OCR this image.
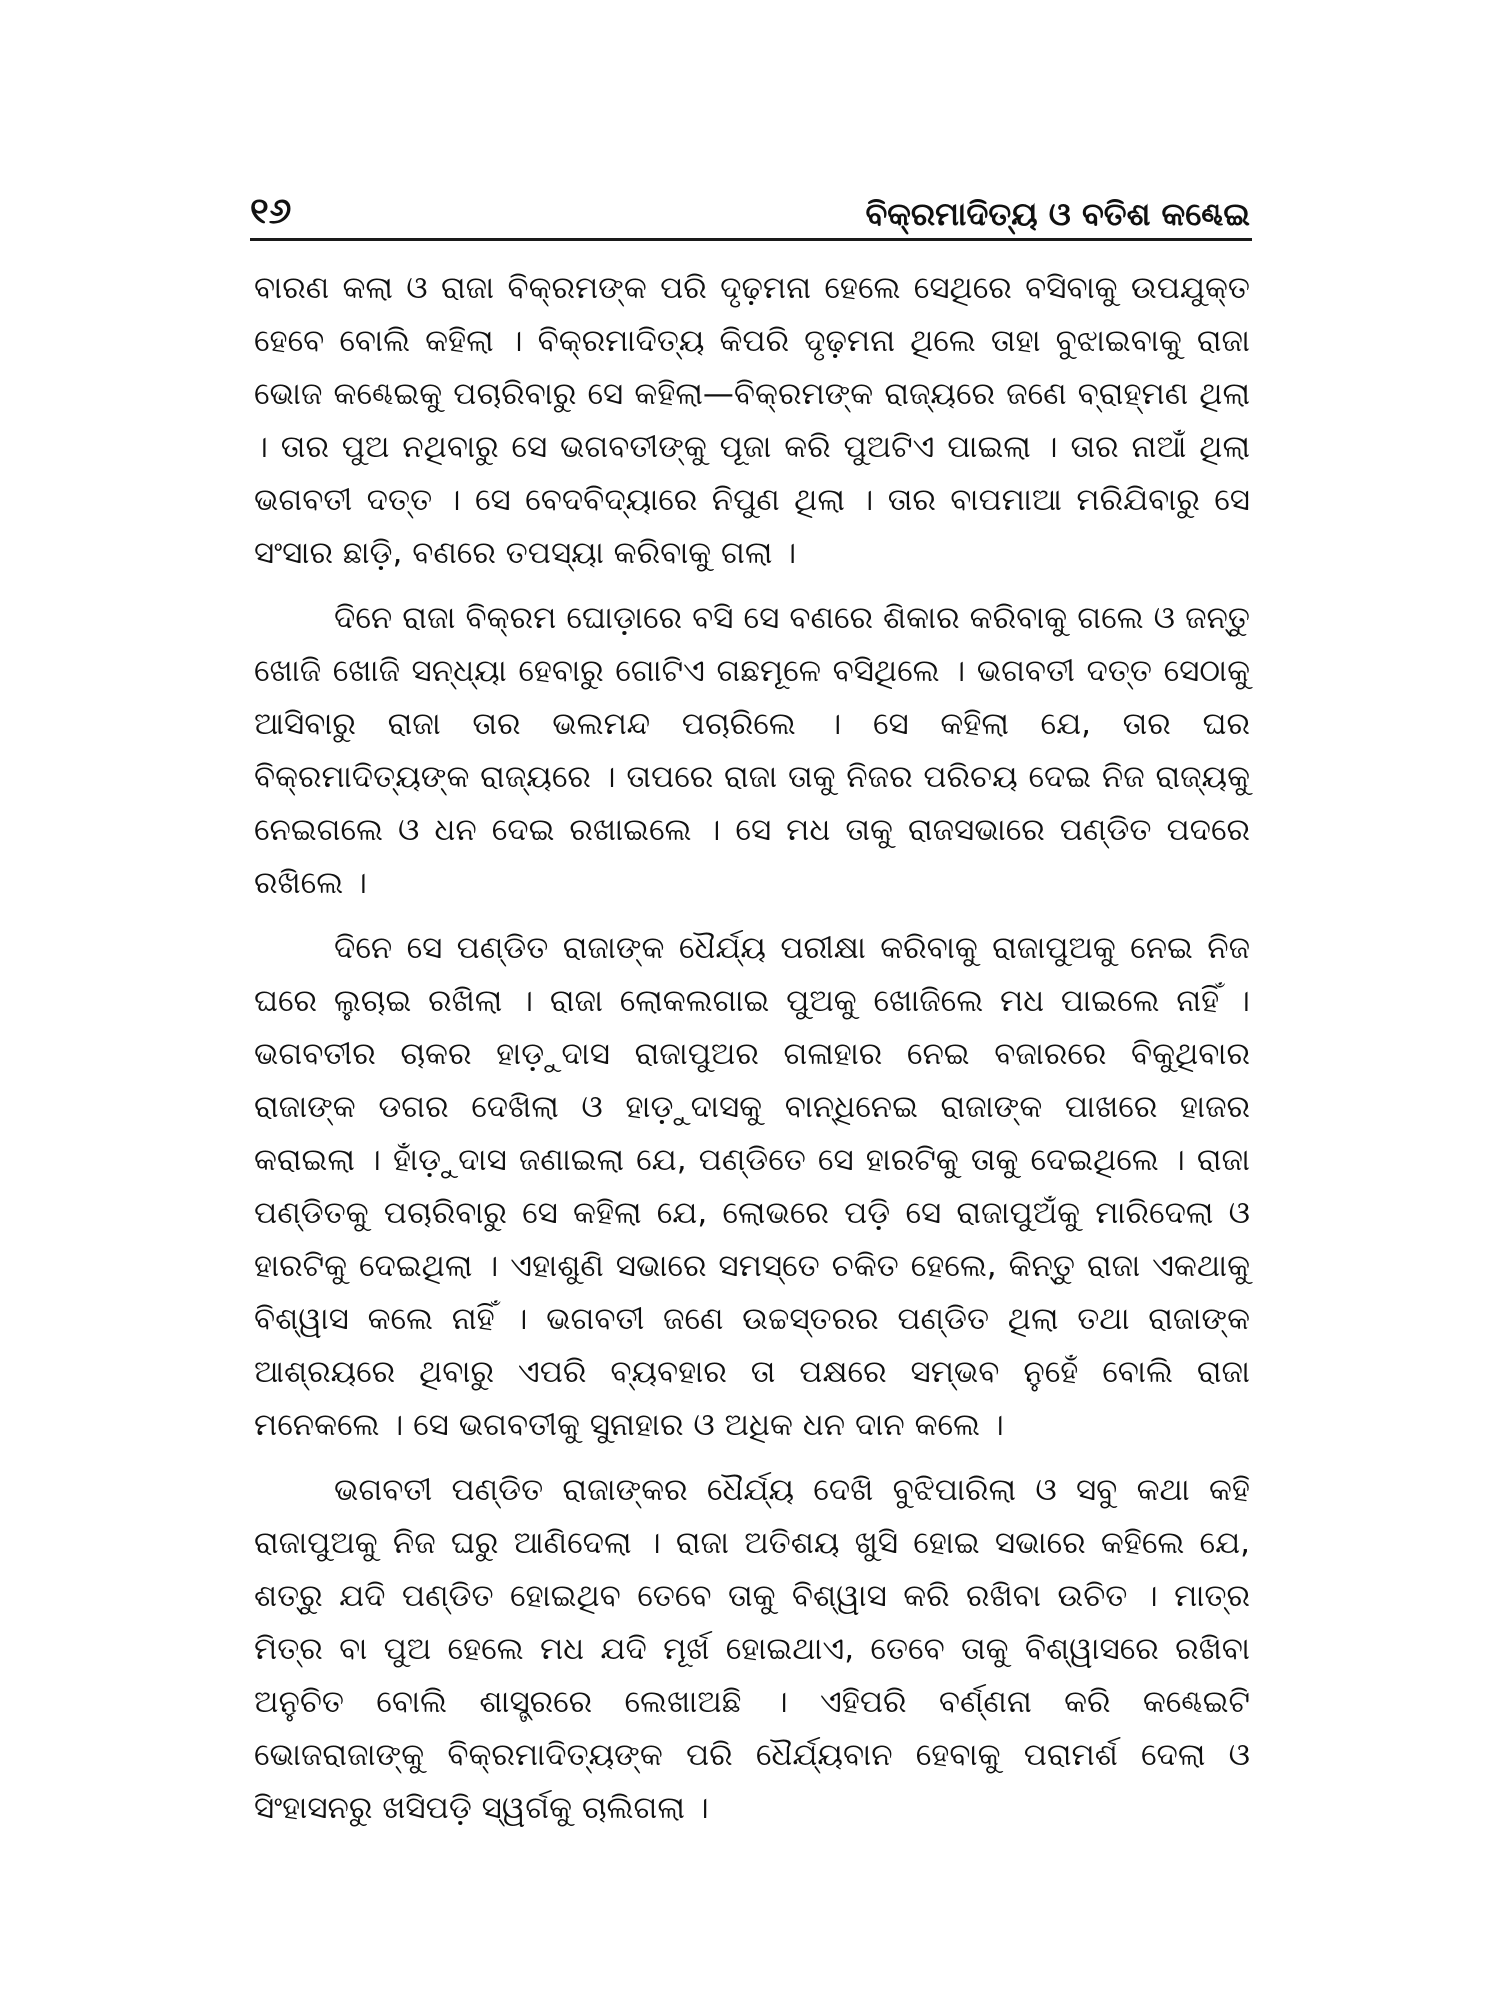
୧୬	ବିକ୍ରମାଦିତ୍ୟ ଓ ବତିଶ କଣ୍ଢେଇ

ବାରଣ କଲା ଓ ରାଜା ବିକ୍ରମଙ୍କ ପରି ଦୃଢ଼ମନା ହେଲେ ସେଥିରେ ବସିବାକୁ ଉପଯୁକ୍ତ ହେବେ ବୋଲି କହିଲା । ବିକ୍ରମାଦିତ୍ୟ କିପରି ଦୃଢ଼ମନା ଥିଲେ ତାହା ବୁଝାଇବାକୁ ରାଜା ଭୋଜ କଣ୍ଢେଇକୁ ପଚାରିବାରୁ ସେ କହିଲା—ବିକ୍ରମଙ୍କ ରାଜ୍ୟରେ ଜଣେ ବ୍ରାହ୍ମଣ ଥିଲା । ତାର ପୁଅ ନଥିବାରୁ ସେ ଭଗବତୀଙ୍କୁ ପୂଜା କରି ପୁଅଟିଏ ପାଇଲା । ତାର ନାଆଁ ଥିଲା ଭଗବତୀ ଦତ୍ତ । ସେ ବେଦବିଦ୍ୟାରେ ନିପୁଣ ଥିଲା । ତାର ବାପମାଆ ମରିଯିବାରୁ ସେ ସଂସାର ଛାଡ଼ି, ବଣରେ ତପସ୍ୟା କରିବାକୁ ଗଲା ।

ଦିନେ ରାଜା ବିକ୍ରମ ଘୋଡ଼ାରେ ବସି ସେ ବଣରେ ଶିକାର କରିବାକୁ ଗଲେ ଓ ଜନ୍ତୁ ଖୋଜି ଖୋଜି ସନ୍ଧ୍ୟା ହେବାରୁ ଗୋଟିଏ ଗଛମୂଳେ ବସିଥିଲେ । ଭଗବତୀ ଦତ୍ତ ସେଠାକୁ ଆସିବାରୁ ରାଜା ତାର ଭଲମନ୍ଦ ପଚାରିଲେ । ସେ କହିଲା ଯେ, ତାର ଘର ବିକ୍ରମାଦିତ୍ୟଙ୍କ ରାଜ୍ୟରେ । ତାପରେ ରାଜା ତାକୁ ନିଜର ପରିଚୟ ଦେଇ ନିଜ ରାଜ୍ୟକୁ ନେଇଗଲେ ଓ ଧନ ଦେଇ ରଖାଇଲେ । ସେ ମଧ ତାକୁ ରାଜସଭାରେ ପଣ୍ଡିତ ପଦରେ ରଖିଲେ ।

ଦିନେ ସେ ପଣ୍ଡିତ ରାଜାଙ୍କ ଧୈର୍ଯ୍ୟ ପରୀକ୍ଷା କରିବାକୁ ରାଜାପୁଅକୁ ନେଇ ନିଜ ଘରେ ଲୁଚାଇ ରଖିଲା । ରାଜା ଲୋକଲଗାଇ ପୁଅକୁ ଖୋଜିଲେ ମଧ ପାଇଲେ ନାହିଁ । ଭଗବତୀର ଚାକର ହାଡ଼ୁଦାସ ରାଜାପୁଅର ଗଳାହାର ନେଇ ବଜାରରେ ବିକୁଥିବାର ରାଜାଙ୍କ ଡଗର ଦେଖିଲା ଓ ହାଡ଼ୁଦାସକୁ ବାନ୍ଧିନେଇ ରାଜାଙ୍କ ପାଖରେ ହାଜର କରାଇଲା । ହାଁଡ଼ୁଦାସ ଜଣାଇଲା ଯେ, ପଣ୍ଡିତେ ସେ ହାରଟିକୁ ତାକୁ ଦେଇଥିଲେ । ରାଜା ପଣ୍ଡିତକୁ ପଚାରିବାରୁ ସେ କହିଲା ଯେ, ଲୋଭରେ ପଡ଼ି ସେ ରାଜାପୁଅଁକୁ ମାରିଦେଲା ଓ ହାରଟିକୁ ଦେଇଥିଲା । ଏହାଶୁଣି ସଭାରେ ସମସ୍ତେ ଚକିତ ହେଲେ, କିନ୍ତୁ ରାଜା ଏକଥାକୁ ବିଶ୍ୱାସ କଲେ ନାହିଁ । ଭଗବତୀ ଜଣେ ଉଚ୍ଚସ୍ତରର ପଣ୍ଡିତ ଥିଲା ତଥା ରାଜାଙ୍କ ଆଶ୍ରୟରେ ଥିବାରୁ ଏପରି ବ୍ୟବହାର ତା ପକ୍ଷରେ ସମ୍ଭବ ନୁହେଁ ବୋଲି ରାଜା ମନେକଲେ । ସେ ଭଗବତୀକୁ ସୁନାହାର ଓ ଅଧିକ ଧନ ଦାନ କଲେ ।

ଭଗବତୀ ପଣ୍ଡିତ ରାଜାଙ୍କର ଧୈର୍ଯ୍ୟ ଦେଖି ବୁଝିପାରିଲା ଓ ସବୁ କଥା କହି ରାଜାପୁଅକୁ ନିଜ ଘରୁ ଆଣିଦେଲା । ରାଜା ଅତିଶୟ ଖୁସି ହୋଇ ସଭାରେ କହିଲେ ଯେ, ଶତ୍ରୁ ଯଦି ପଣ୍ଡିତ ହୋଇଥିବ ତେବେ ତାକୁ ବିଶ୍ୱାସ କରି ରଖିବା ଉଚିତ । ମାତ୍ର ମିତ୍ର ବା ପୁଅ ହେଲେ ମଧ ଯଦି ମୂର୍ଖ ହୋଇଥାଏ, ତେବେ ତାକୁ ବିଶ୍ୱାସରେ ରଖିବା ଅନୁଚିତ ବୋଲି ଶାସ୍ତ୍ରରେ ଲେଖାଅଛି । ଏହିପରି ବର୍ଣ୍ଣନା କରି କଣ୍ଢେଇଟି ଭୋଜରାଜାଙ୍କୁ ବିକ୍ରମାଦିତ୍ୟଙ୍କ ପରି ଧୈର୍ଯ୍ୟବାନ ହେବାକୁ ପରାମର୍ଶ ଦେଲା ଓ ସିଂହାସନରୁ ଖସିପଡ଼ି ସ୍ୱର୍ଗକୁ ଚାଲିଗଲା ।
